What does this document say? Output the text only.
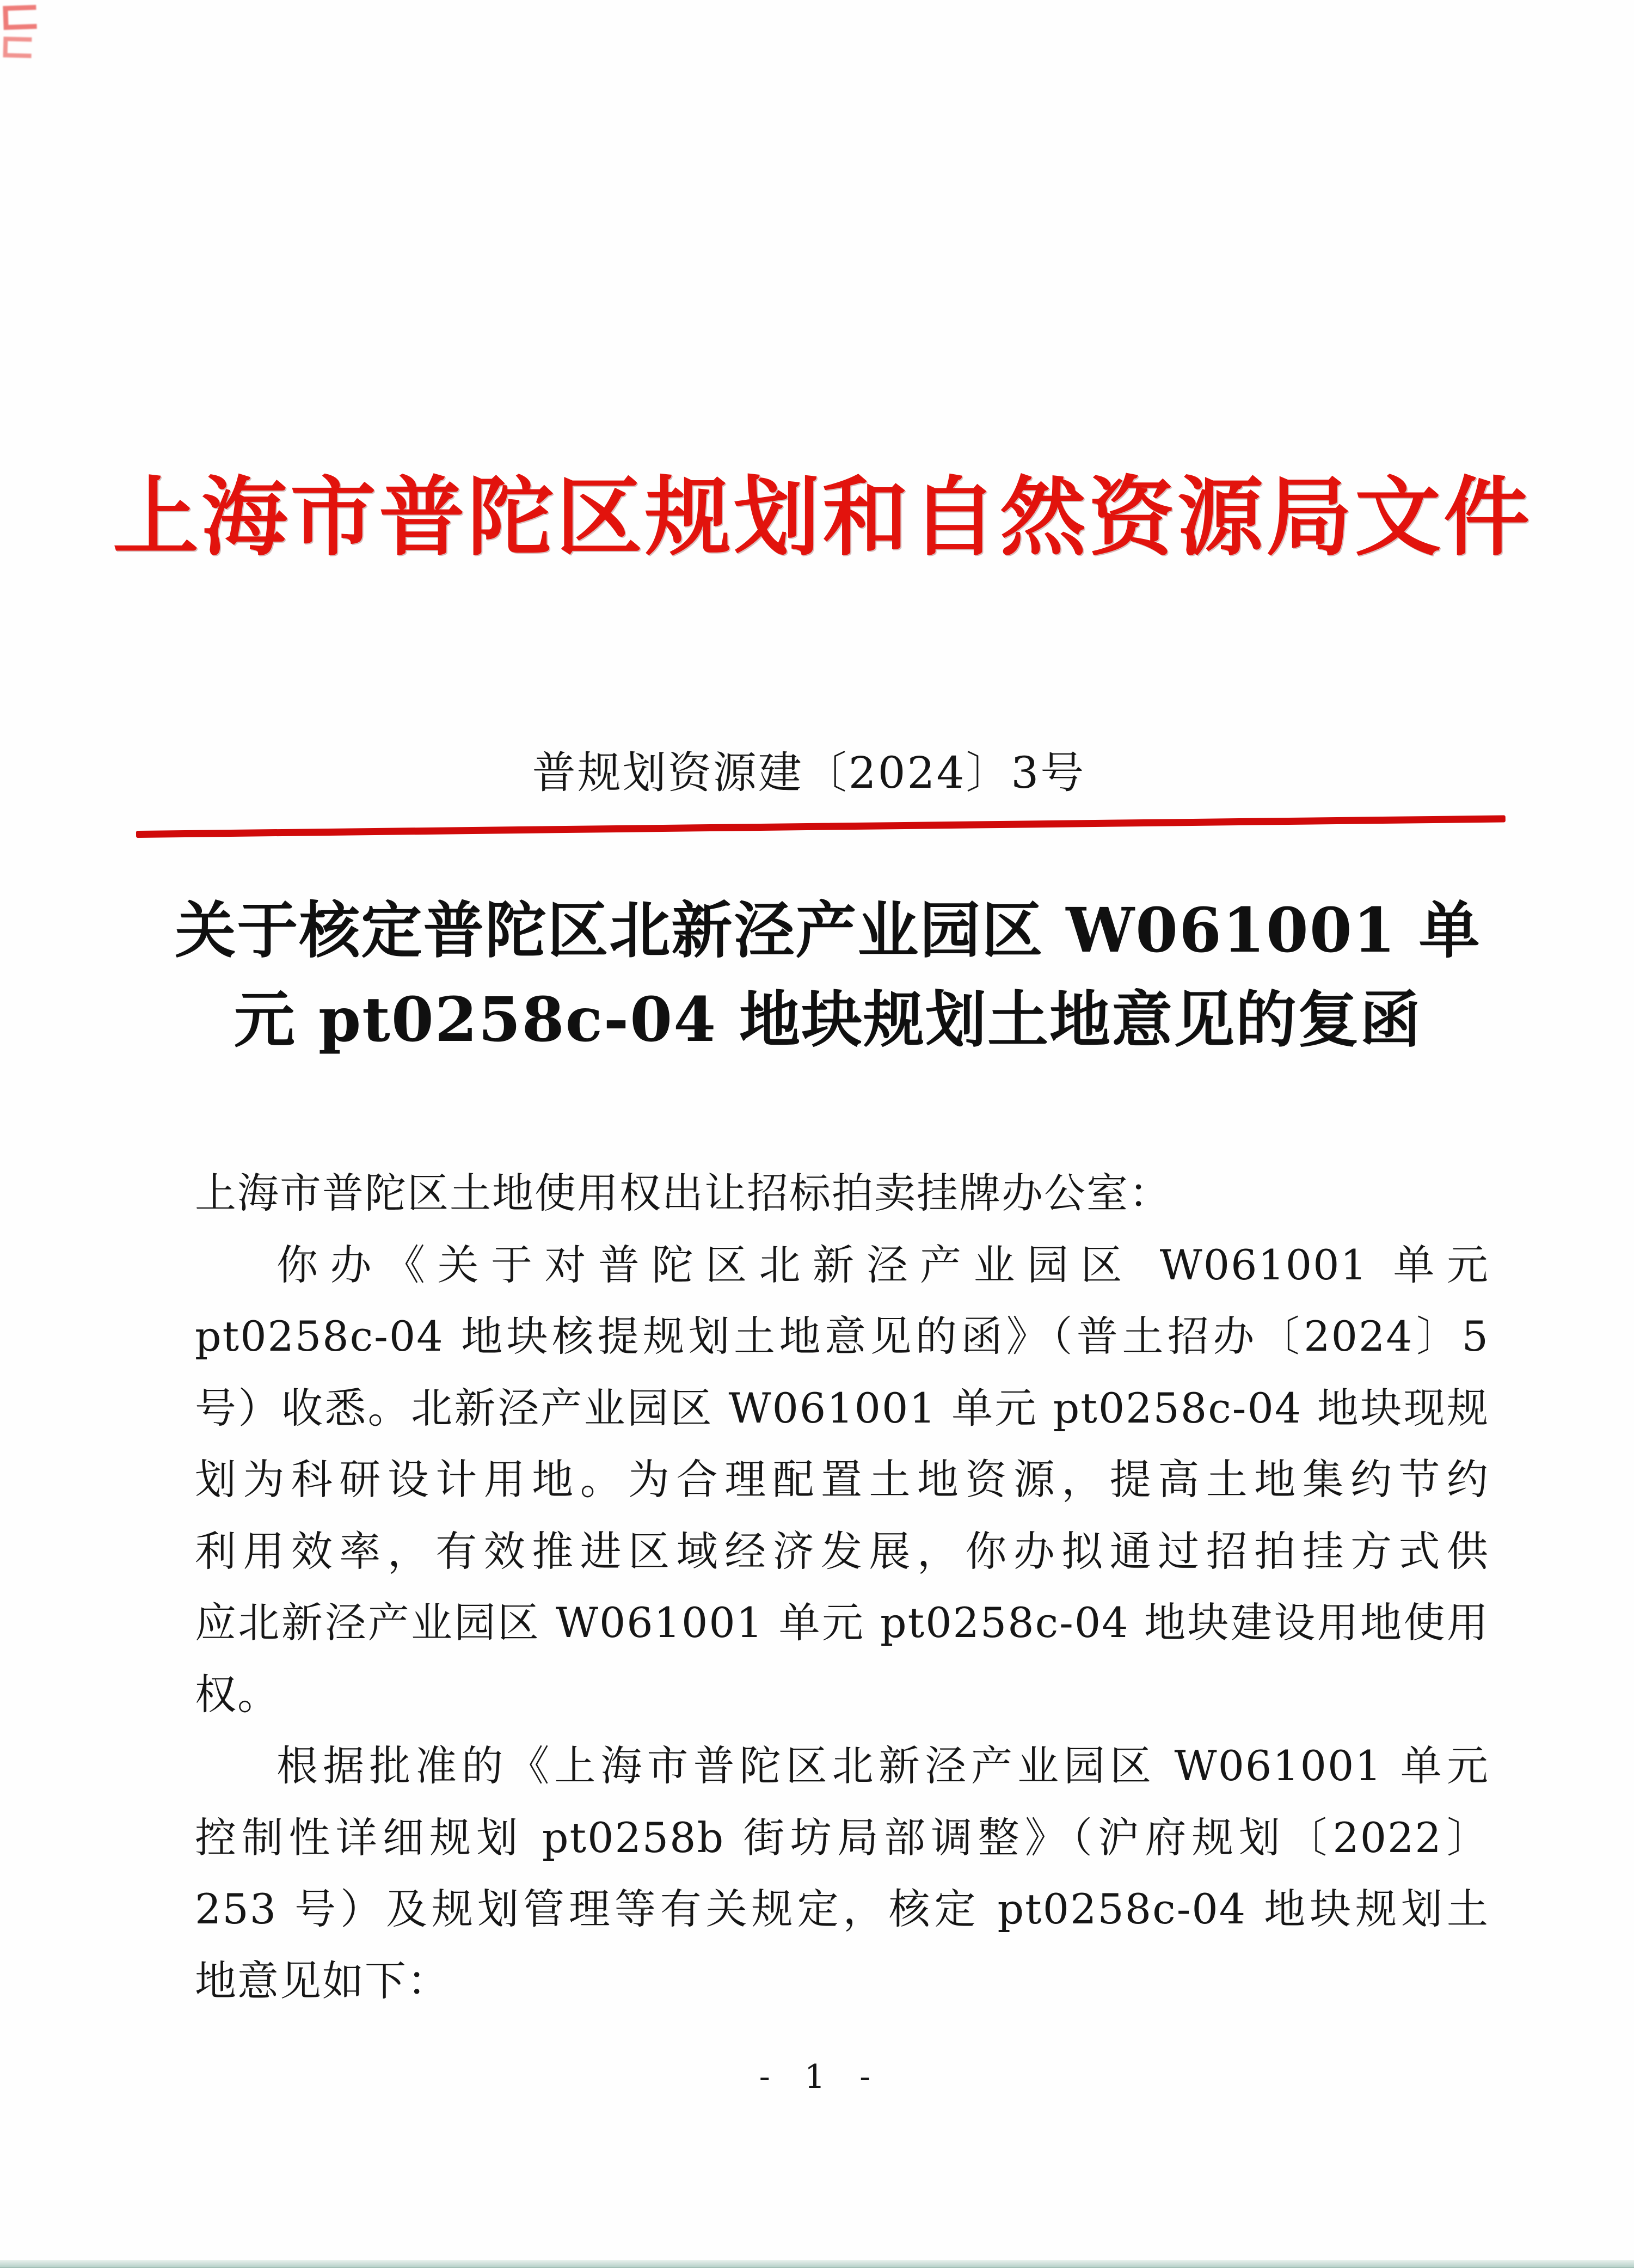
上海市普陀区规划和自然资源局文件
普规划资源建〔2024〕3号
关于核定普陀区北新泾产业园区 W061001 单
元 pt0258c-04 地块规划土地意见的复函
上海市普陀区土地使用权出让招标拍卖挂牌办公室：
你办《关于对普陀区北新泾产业园区 W061001 单元
pt0258c-04 地块核提规划土地意见的函》（普土招办〔2024〕5
号）收悉。北新泾产业园区 W061001 单元 pt0258c-04 地块现规
划为科研设计用地。为合理配置土地资源，提高土地集约节约
利用效率，有效推进区域经济发展，你办拟通过招拍挂方式供
应北新泾产业园区 W061001 单元 pt0258c-04 地块建设用地使用
权。
根据批准的《上海市普陀区北新泾产业园区 W061001 单元
控制性详细规划 pt0258b 街坊局部调整》（沪府规划〔2022〕
253 号）及规划管理等有关规定，核定 pt0258c-04 地块规划土
地意见如下：
- 1 -
